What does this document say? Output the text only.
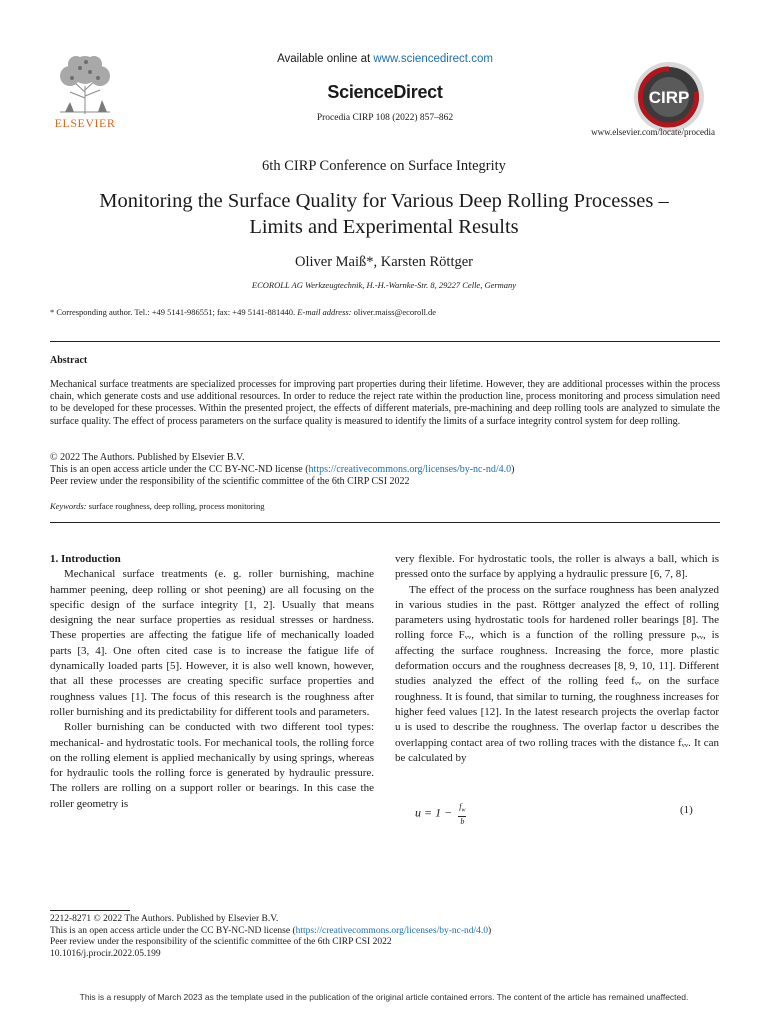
ELSEVIER
Available online at www.sciencedirect.com
ScienceDirect
Procedia CIRP 108 (2022) 857–862
CIRP
www.elsevier.com/locate/procedia
6th CIRP Conference on Surface Integrity
Monitoring the Surface Quality for Various Deep Rolling Processes –
Limits and Experimental Results
Oliver Maiß*, Karsten Röttger
ECOROLL AG Werkzeugtechnik, H.-H.-Warnke-Str. 8, 29227 Celle, Germany
* Corresponding author. Tel.: +49 5141-986551; fax: +49 5141-881440. E-mail address: oliver.maiss@ecoroll.de
Abstract
Mechanical surface treatments are specialized processes for improving part properties during their lifetime. However, they are additional processes within the process chain, which generate costs and use additional resources. In order to reduce the reject rate within the production line, process monitoring and process simulation need to be developed for these processes. Within the presented project, the effects of different materials, pre-machining and deep rolling tools are analyzed to simulate the surface quality. The effect of process parameters on the surface quality is measured to identify the limits of a surface integrity control system for deep rolling.
© 2022 The Authors. Published by Elsevier B.V.
This is an open access article under the CC BY-NC-ND license (https://creativecommons.org/licenses/by-nc-nd/4.0)
Peer review under the responsibility of the scientific committee of the 6th CIRP CSI 2022
Keywords: surface roughness, deep rolling, process monitoring

1. Introduction

Mechanical surface treatments (e. g. roller burnishing, machine hammer peening, deep rolling or shot peening) are all focusing on the specific design of the surface integrity [1, 2]. Usually that means designing the near surface properties as residual stresses or hardness. These properties are affecting the fatigue life of mechanically loaded parts [3, 4]. One often cited case is to increase the fatigue life of dynamically loaded parts [5]. However, it is also well known, however, that all these processes are creating specific surface properties and roughness values [1]. The focus of this research is the roughness after roller burnishing and its predictability for different tools and parameters.

Roller burnishing can be conducted with two different tool types: mechanical- and hydrostatic tools. For mechanical tools, the rolling force on the rolling element is applied mechanically by using springs, whereas for hydraulic tools the rolling force is generated by hydraulic pressure. The rollers are rolling on a support roller or bearings. In this case the roller geometry is

very flexible. For hydrostatic tools, the roller is always a ball, which is pressed onto the surface by applying a hydraulic pressure [6, 7, 8].

The effect of the process on the surface roughness has been analyzed in various studies in the past. Röttger analyzed the effect of rolling parameters using hydrostatic tools for hardened roller bearings [8]. The rolling force Fᵥᵥ, which is a function of the rolling pressure pᵥᵥ, is affecting the surface roughness. Increasing the force, more plastic deformation occurs and the roughness decreases [8, 9, 10, 11]. Different studies analyzed the effect of the rolling feed fᵥᵥ on the surface roughness. It is found, that similar to turning, the roughness increases for higher feed values [12]. In the latest research projects the overlap factor u is used to describe the roughness. The overlap factor u describes the overlapping contact area of two rolling traces with the distance fᵥᵥ. It can be calculated by

$u = 1 - \frac{f_w}{b}$	(1)
2212-8271 © 2022 The Authors. Published by Elsevier B.V.
This is an open access article under the CC BY-NC-ND license (https://creativecommons.org/licenses/by-nc-nd/4.0)
Peer review under the responsibility of the scientific committee of the 6th CIRP CSI 2022
10.1016/j.procir.2022.05.199
This is a resupply of March 2023 as the template used in the publication of the original article contained errors. The content of the article has remained unaffected.
